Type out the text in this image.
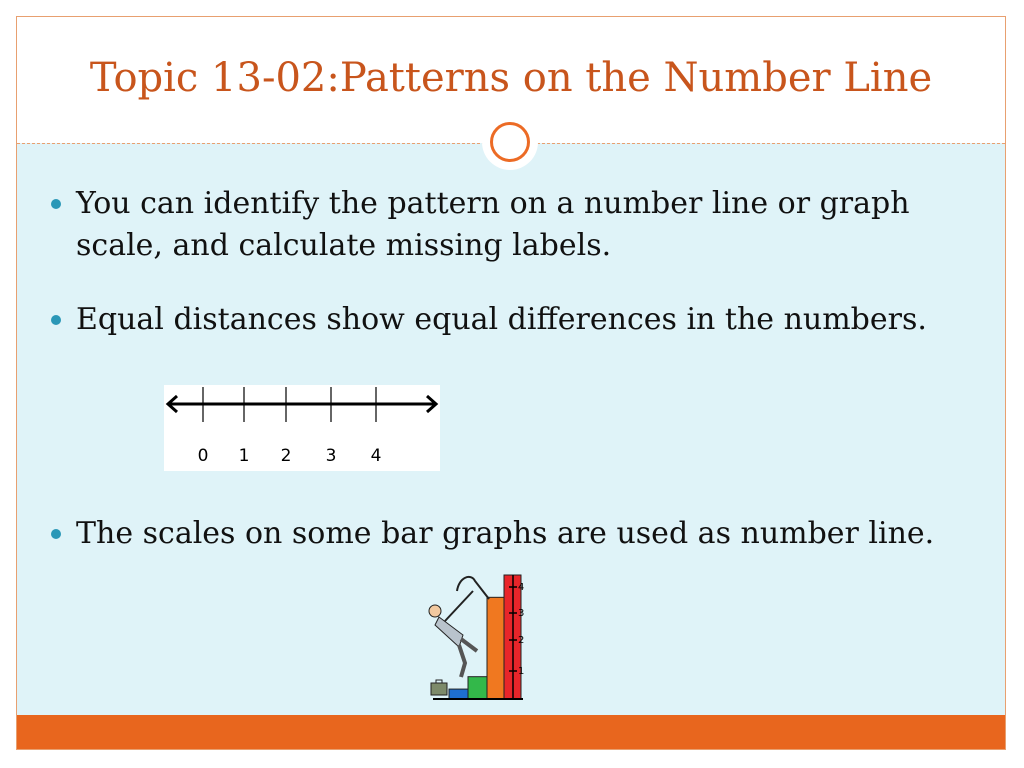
Topic 13-02:Patterns on the Number Line
You can identify the pattern on a number line or graph scale, and calculate missing labels.
Equal distances show equal differences in the numbers.
0 1 2 3 4
The scales on some bar graphs are used as number line.
1
2
3
4
